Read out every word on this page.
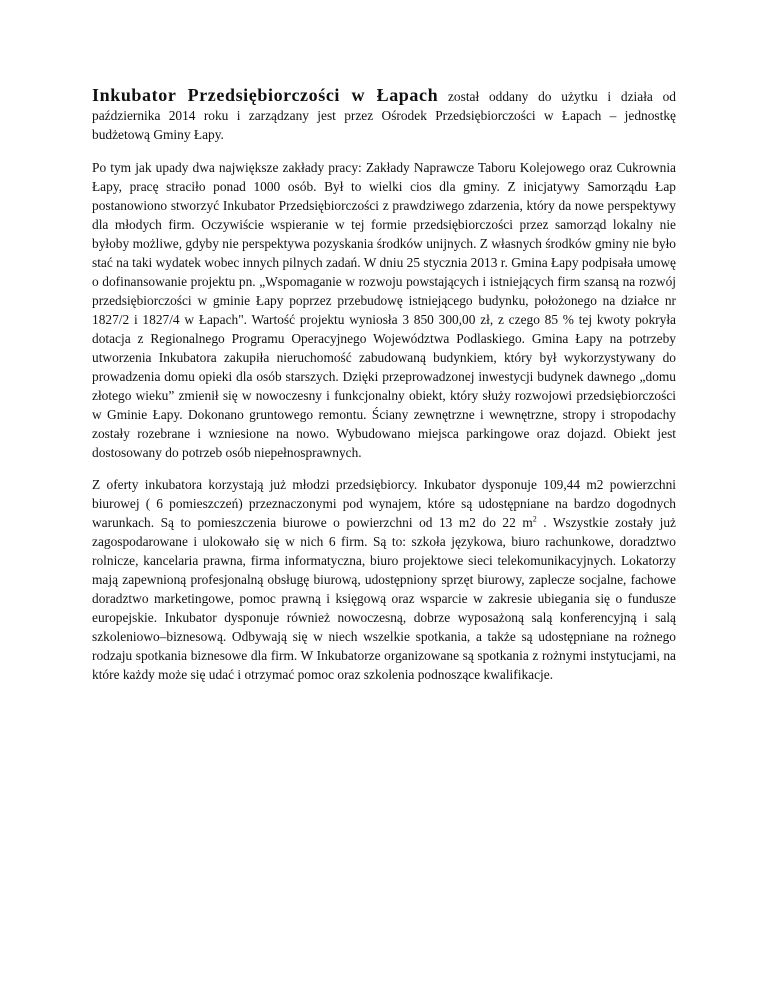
Inkubator Przedsiębiorczości w Łapach został oddany do użytku i działa od października 2014 roku i zarządzany jest przez Ośrodek Przedsiębiorczości w Łapach – jednostkę budżetową Gminy Łapy.

Po tym jak upady dwa największe zakłady pracy: Zakłady Naprawcze Taboru Kolejowego oraz Cukrownia Łapy, pracę straciło ponad 1000 osób. Był to wielki cios dla gminy. Z inicjatywy Samorządu Łap postanowiono stworzyć Inkubator Przedsiębiorczości z prawdziwego zdarzenia, który da nowe perspektywy dla młodych firm. Oczywiście wspieranie w tej formie przedsiębiorczości przez samorząd lokalny nie byłoby możliwe, gdyby nie perspektywa pozyskania środków unijnych. Z własnych środków gminy nie było stać na taki wydatek wobec innych pilnych zadań. W dniu 25 stycznia 2013 r. Gmina Łapy podpisała umowę o dofinansowanie projektu pn. „Wspomaganie w rozwoju powstających i istniejących firm szansą na rozwój przedsiębiorczości w gminie Łapy poprzez przebudowę istniejącego budynku, położonego na działce nr 1827/2 i 1827/4 w Łapach". Wartość projektu wyniosła 3 850 300,00 zł, z czego 85 % tej kwoty pokryła dotacja z Regionalnego Programu Operacyjnego Województwa Podlaskiego. Gmina Łapy na potrzeby utworzenia Inkubatora zakupiła nieruchomość zabudowaną budynkiem, który był wykorzystywany do prowadzenia domu opieki dla osób starszych. Dzięki przeprowadzonej inwestycji budynek dawnego „domu złotego wieku” zmienił się w nowoczesny i funkcjonalny obiekt, który służy rozwojowi przedsiębiorczości w Gminie Łapy. Dokonano gruntowego remontu. Ściany zewnętrzne i wewnętrzne, stropy i stropodachy zostały rozebrane i wzniesione na nowo. Wybudowano miejsca parkingowe oraz dojazd. Obiekt jest dostosowany do potrzeb osób niepełnosprawnych.

Z oferty inkubatora korzystają już młodzi przedsiębiorcy. Inkubator dysponuje 109,44 m2 powierzchni biurowej ( 6 pomieszczeń) przeznaczonymi pod wynajem, które są udostępniane na bardzo dogodnych warunkach. Są to pomieszczenia biurowe o powierzchni od 13 m2 do 22 $m^2$ . Wszystkie zostały już zagospodarowane i ulokowało się w nich 6 firm. Są to: szkoła językowa, biuro rachunkowe, doradztwo rolnicze, kancelaria prawna, firma informatyczna, biuro projektowe sieci telekomunikacyjnych. Lokatorzy mają zapewnioną profesjonalną obsługę biurową, udostępniony sprzęt biurowy, zaplecze socjalne, fachowe doradztwo marketingowe, pomoc prawną i księgową oraz wsparcie w zakresie ubiegania się o fundusze europejskie. Inkubator dysponuje również nowoczesną, dobrze wyposażoną salą konferencyjną i salą szkoleniowo–biznesową. Odbywają się w niech wszelkie spotkania, a także są udostępniane na rożnego rodzaju spotkania biznesowe dla firm. W Inkubatorze organizowane są spotkania z rożnymi instytucjami, na które każdy może się udać i otrzymać pomoc oraz szkolenia podnoszące kwalifikacje.
